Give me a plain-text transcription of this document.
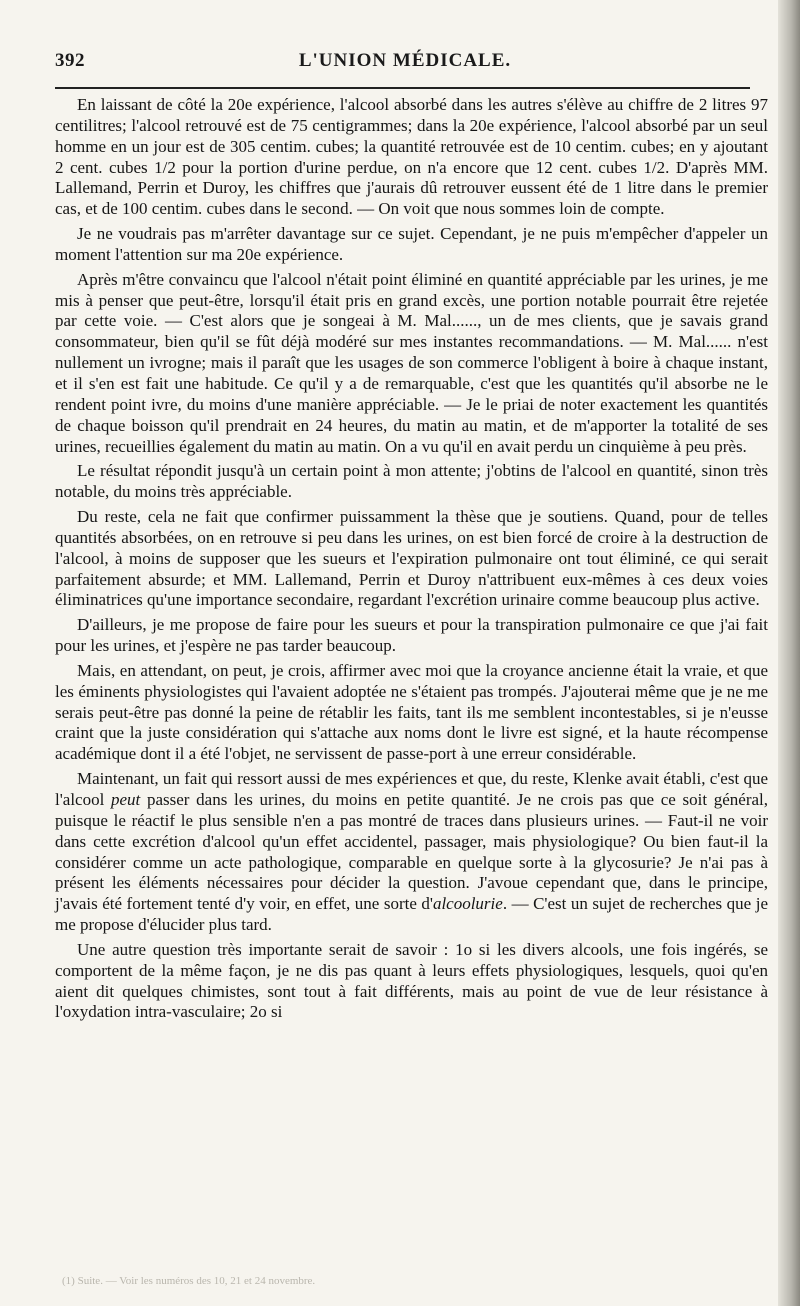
392	L'UNION MÉDICALE.

En laissant de côté la 20e expérience, l'alcool absorbé dans les autres s'élève au chiffre de 2 litres 97 centilitres; l'alcool retrouvé est de 75 centigrammes; dans la 20e expérience, l'alcool absorbé par un seul homme en un jour est de 305 centim. cubes; la quantité retrouvée est de 10 centim. cubes; en y ajoutant 2 cent. cubes 1/2 pour la portion d'urine perdue, on n'a encore que 12 cent. cubes 1/2. D'après MM. Lallemand, Perrin et Duroy, les chiffres que j'aurais dû retrouver eussent été de 1 litre dans le premier cas, et de 100 centim. cubes dans le second. — On voit que nous sommes loin de compte.

Je ne voudrais pas m'arrêter davantage sur ce sujet. Cependant, je ne puis m'empêcher d'appeler un moment l'attention sur ma 20e expérience.

Après m'être convaincu que l'alcool n'était point éliminé en quantité appréciable par les urines, je me mis à penser que peut-être, lorsqu'il était pris en grand excès, une portion notable pourrait être rejetée par cette voie. — C'est alors que je songeai à M. Mal......, un de mes clients, que je savais grand consommateur, bien qu'il se fût déjà modéré sur mes instantes recommandations. — M. Mal...... n'est nullement un ivrogne; mais il paraît que les usages de son commerce l'obligent à boire à chaque instant, et il s'en est fait une habitude. Ce qu'il y a de remarquable, c'est que les quantités qu'il absorbe ne le rendent point ivre, du moins d'une manière appréciable. — Je le priai de noter exactement les quantités de chaque boisson qu'il prendrait en 24 heures, du matin au matin, et de m'apporter la totalité de ses urines, recueillies également du matin au matin. On a vu qu'il en avait perdu un cinquième à peu près.

Le résultat répondit jusqu'à un certain point à mon attente; j'obtins de l'alcool en quantité, sinon très notable, du moins très appréciable.

Du reste, cela ne fait que confirmer puissamment la thèse que je soutiens. Quand, pour de telles quantités absorbées, on en retrouve si peu dans les urines, on est bien forcé de croire à la destruction de l'alcool, à moins de supposer que les sueurs et l'expiration pulmonaire ont tout éliminé, ce qui serait parfaitement absurde; et MM. Lallemand, Perrin et Duroy n'attribuent eux-mêmes à ces deux voies éliminatrices qu'une importance secondaire, regardant l'excrétion urinaire comme beaucoup plus active.

D'ailleurs, je me propose de faire pour les sueurs et pour la transpiration pulmonaire ce que j'ai fait pour les urines, et j'espère ne pas tarder beaucoup.

Mais, en attendant, on peut, je crois, affirmer avec moi que la croyance ancienne était la vraie, et que les éminents physiologistes qui l'avaient adoptée ne s'étaient pas trompés. J'ajouterai même que je ne me serais peut-être pas donné la peine de rétablir les faits, tant ils me semblent incontestables, si je n'eusse craint que la juste considération qui s'attache aux noms dont le livre est signé, et la haute récompense académique dont il a été l'objet, ne servissent de passe-port à une erreur considérable.

Maintenant, un fait qui ressort aussi de mes expériences et que, du reste, Klenke avait établi, c'est que l'alcool peut passer dans les urines, du moins en petite quantité. Je ne crois pas que ce soit général, puisque le réactif le plus sensible n'en a pas montré de traces dans plusieurs urines. — Faut-il ne voir dans cette excrétion d'alcool qu'un effet accidentel, passager, mais physiologique? Ou bien faut-il la considérer comme un acte pathologique, comparable en quelque sorte à la glycosurie? Je n'ai pas à présent les éléments nécessaires pour décider la question. J'avoue cependant que, dans le principe, j'avais été fortement tenté d'y voir, en effet, une sorte d'alcoolurie. — C'est un sujet de recherches que je me propose d'élucider plus tard.

Une autre question très importante serait de savoir : 1o si les divers alcools, une fois ingérés, se comportent de la même façon, je ne dis pas quant à leurs effets physiologiques, lesquels, quoi qu'en aient dit quelques chimistes, sont tout à fait différents, mais au point de vue de leur résistance à l'oxydation intra-vasculaire; 2o si

(1) Suite. — Voir les numéros des 10, 21 et 24 novembre.
